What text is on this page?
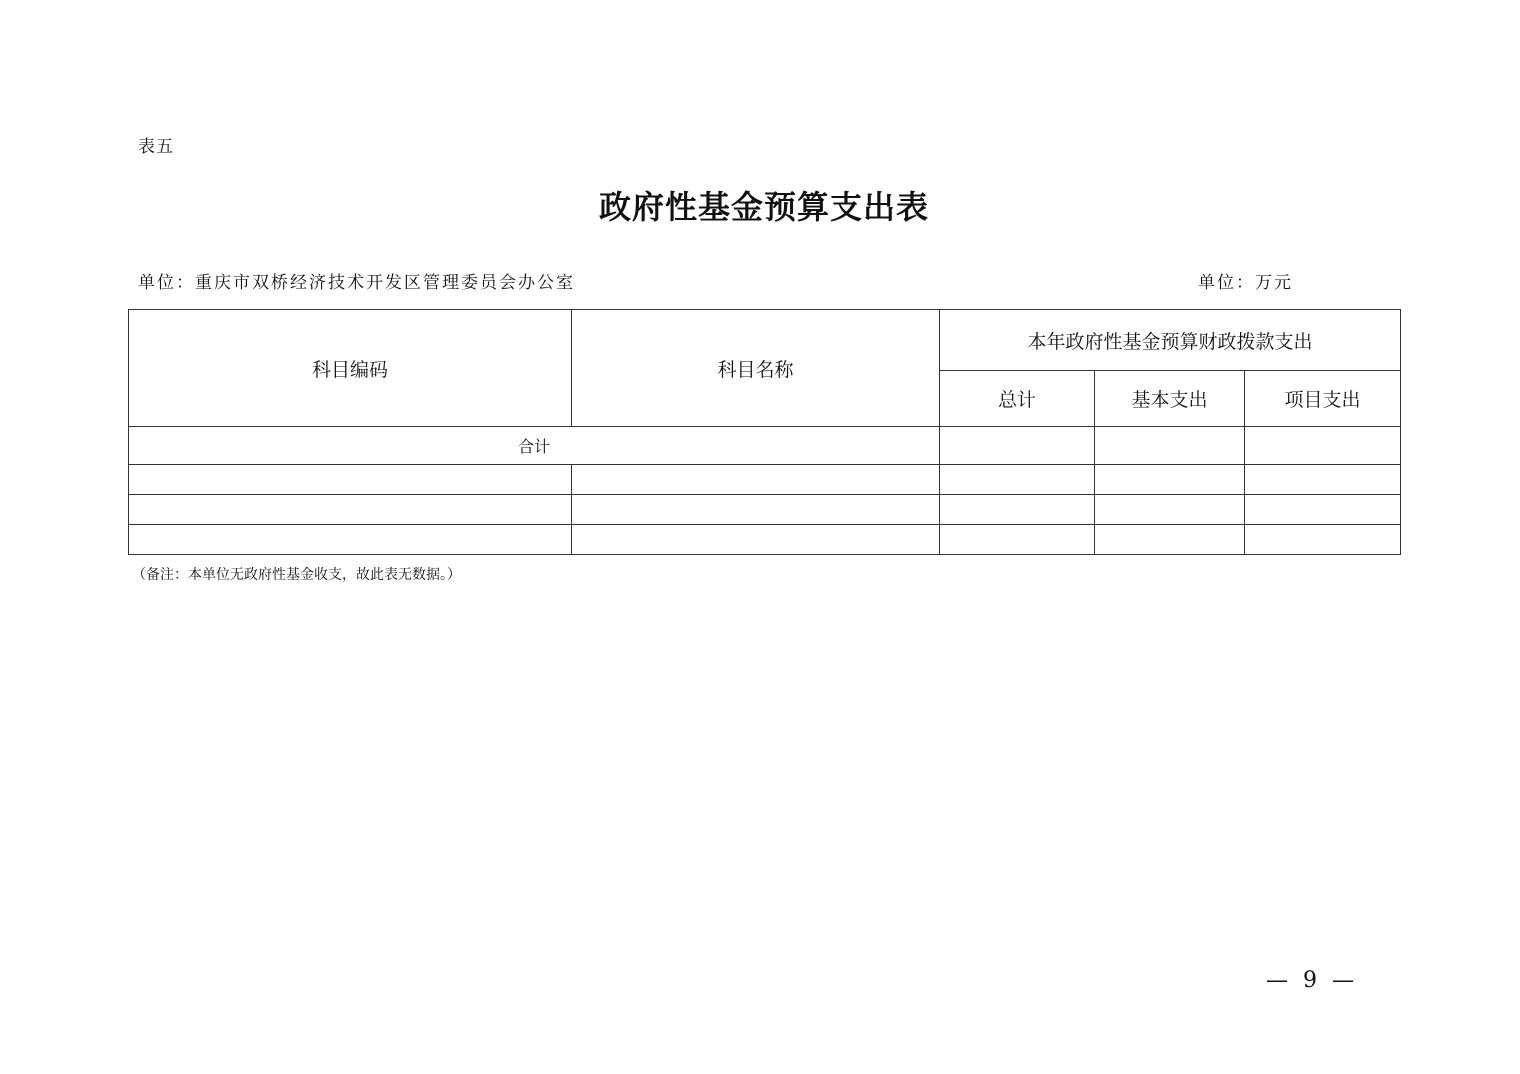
表五
政府性基金预算支出表
单位：重庆市双桥经济技术开发区管理委员会办公室	单位：万元
科目编码	科目名称	本年政府性基金预算财政拨款支出		
		总计	基本支出	项目支出
合计				

（备注：本单位无政府性基金收支，故此表无数据。）
— 9 —
